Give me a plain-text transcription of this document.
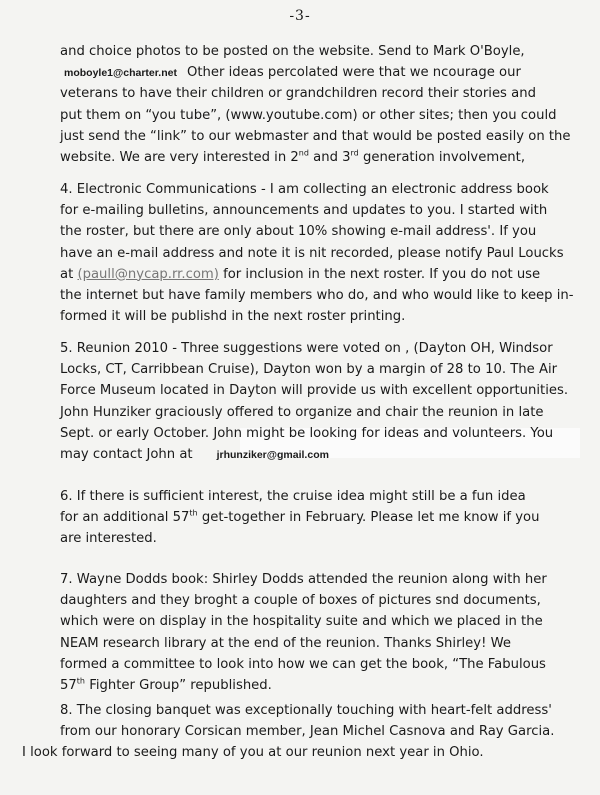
-3-
and choice photos to be posted on the website. Send to Mark O'Boyle,
moboyle1@charter.net Other ideas percolated were that we ncourage our
veterans to have their children or grandchildren record their stories and
put them on “you tube”, (www.youtube.com) or other sites; then you could
just send the “link” to our webmaster and that would be posted easily on the
website. We are very interested in 2nd and 3rd generation involvement,
4. Electronic Communications - I am collecting an electronic address book
for e-mailing bulletins, announcements and updates to you. I started with
the roster, but there are only about 10% showing e-mail address'. If you
have an e-mail address and note it is nit recorded, please notify Paul Loucks
at (paull@nycap.rr.com) for inclusion in the next roster. If you do not use
the internet but have family members who do, and who would like to keep in-
formed it will be publishd in the next roster printing.
5. Reunion 2010 - Three suggestions were voted on , (Dayton OH, Windsor
Locks, CT, Carribbean Cruise), Dayton won by a margin of 28 to 10. The Air
Force Museum located in Dayton will provide us with excellent opportunities.
John Hunziker graciously offered to organize and chair the reunion in late
Sept. or early October. John might be looking for ideas and volunteers. You
may contact John at jrhunziker@gmail.com
6. If there is sufficient interest, the cruise idea might still be a fun idea
for an additional 57th get-together in February. Please let me know if you
are interested.
7. Wayne Dodds book: Shirley Dodds attended the reunion along with her
daughters and they broght a couple of boxes of pictures snd documents,
which were on display in the hospitality suite and which we placed in the
NEAM research library at the end of the reunion. Thanks Shirley! We
formed a committee to look into how we can get the book, “The Fabulous
57th Fighter Group” republished.
8. The closing banquet was exceptionally touching with heart-felt address'
from our honorary Corsican member, Jean Michel Casnova and Ray Garcia.
I look forward to seeing many of you at our reunion next year in Ohio.
